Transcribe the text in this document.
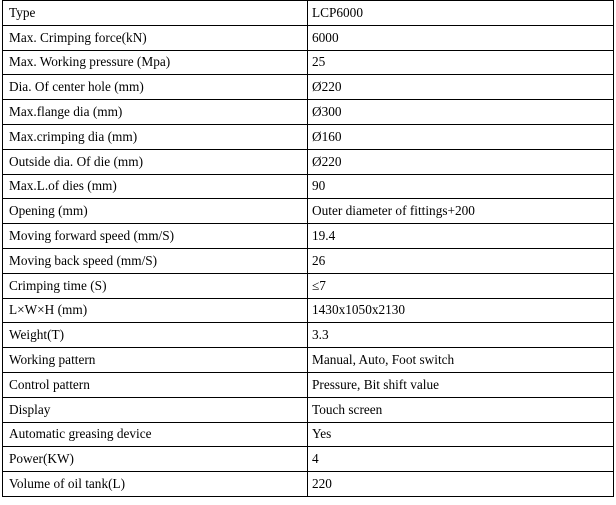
Type	LCP6000
Max. Crimping force(kN)	6000
Max. Working pressure (Mpa)	25
Dia. Of center hole (mm)	Ø220
Max.flange dia (mm)	Ø300
Max.crimping dia (mm)	Ø160
Outside dia. Of die (mm)	Ø220
Max.L.of dies (mm)	90
Opening (mm)	Outer diameter of fittings+200
Moving forward speed (mm/S)	19.4
Moving back speed (mm/S)	26
Crimping time (S)	≤7
L×W×H (mm)	1430x1050x2130
Weight(T)	3.3
Working pattern	Manual, Auto, Foot switch
Control pattern	Pressure, Bit shift value
Display	Touch screen
Automatic greasing device	Yes
Power(KW)	4
Volume of oil tank(L)	220
